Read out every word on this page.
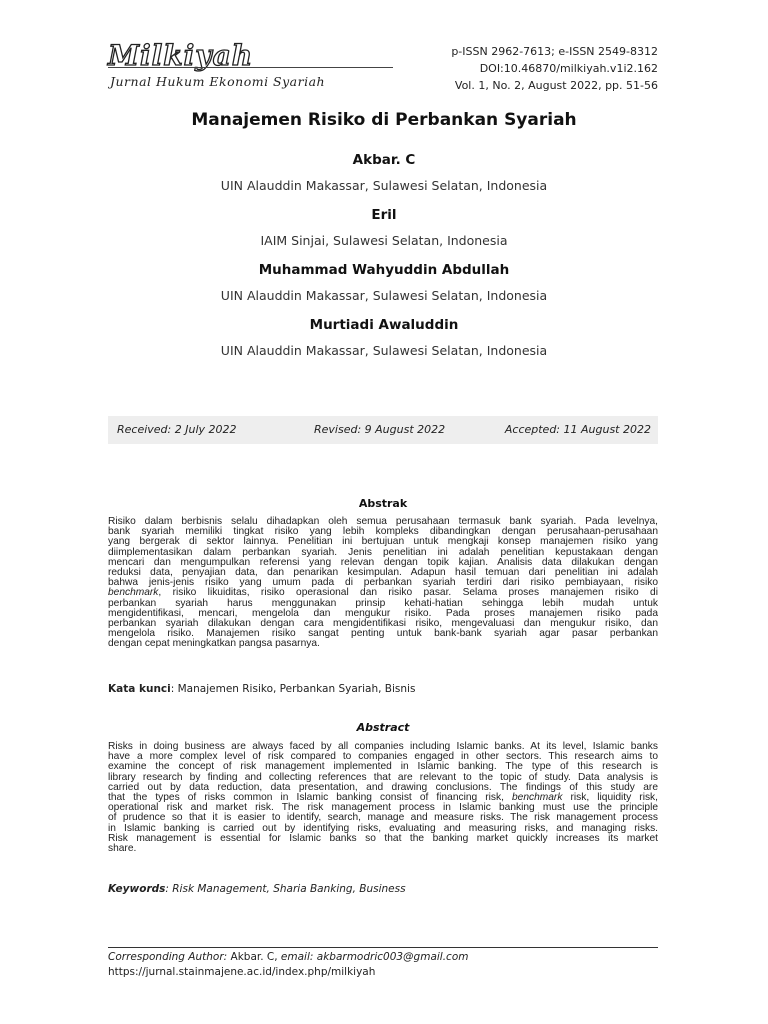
Milkiyah
Jurnal Hukum Ekonomi Syariah
p-ISSN 2962-7613; e-ISSN 2549-8312
DOI:10.46870/milkiyah.v1i2.162
Vol. 1, No. 2, August 2022, pp. 51-56
Manajemen Risiko di Perbankan Syariah
Akbar. C
UIN Alauddin Makassar, Sulawesi Selatan, Indonesia
Eril
IAIM Sinjai, Sulawesi Selatan, Indonesia
Muhammad Wahyuddin Abdullah
UIN Alauddin Makassar, Sulawesi Selatan, Indonesia
Murtiadi Awaluddin
UIN Alauddin Makassar, Sulawesi Selatan, Indonesia
Received: 2 July 2022	Revised: 9 August 2022	Accepted: 11 August 2022
Abstrak
Risiko dalam berbisnis selalu dihadapkan oleh semua perusahaan termasuk bank syariah. Pada levelnya,
bank syariah memiliki tingkat risiko yang lebih kompleks dibandingkan dengan perusahaan-perusahaan
yang bergerak di sektor lainnya. Penelitian ini bertujuan untuk mengkaji konsep manajemen risiko yang
diimplementasikan dalam perbankan syariah. Jenis penelitian ini adalah penelitian kepustakaan dengan
mencari dan mengumpulkan referensi yang relevan dengan topik kajian. Analisis data dilakukan dengan
reduksi data, penyajian data, dan penarikan kesimpulan. Adapun hasil temuan dari penelitian ini adalah
bahwa jenis-jenis risiko yang umum pada di perbankan syariah terdiri dari risiko pembiayaan, risiko
benchmark, risiko likuiditas, risiko operasional dan risiko pasar. Selama proses manajemen risiko di
perbankan syariah harus menggunakan prinsip kehati-hatian sehingga lebih mudah untuk
mengidentifikasi, mencari, mengelola dan mengukur risiko. Pada proses manajemen risiko pada
perbankan syariah dilakukan dengan cara mengidentifikasi risiko, mengevaluasi dan mengukur risiko, dan
mengelola risiko. Manajemen risiko sangat penting untuk bank-bank syariah agar pasar perbankan
dengan cepat meningkatkan pangsa pasarnya.
Kata kunci: Manajemen Risiko, Perbankan Syariah, Bisnis
Abstract
Risks in doing business are always faced by all companies including Islamic banks. At its level, Islamic banks
have a more complex level of risk compared to companies engaged in other sectors. This research aims to
examine the concept of risk management implemented in Islamic banking. The type of this research is
library research by finding and collecting references that are relevant to the topic of study. Data analysis is
carried out by data reduction, data presentation, and drawing conclusions. The findings of this study are
that the types of risks common in Islamic banking consist of financing risk, benchmark risk, liquidity risk,
operational risk and market risk. The risk management process in Islamic banking must use the principle
of prudence so that it is easier to identify, search, manage and measure risks. The risk management process
in Islamic banking is carried out by identifying risks, evaluating and measuring risks, and managing risks.
Risk management is essential for Islamic banks so that the banking market quickly increases its market
share.
Keywords: Risk Management, Sharia Banking, Business
Corresponding Author: Akbar. C, email: akbarmodric003@gmail.com
https://jurnal.stainmajene.ac.id/index.php/milkiyah
